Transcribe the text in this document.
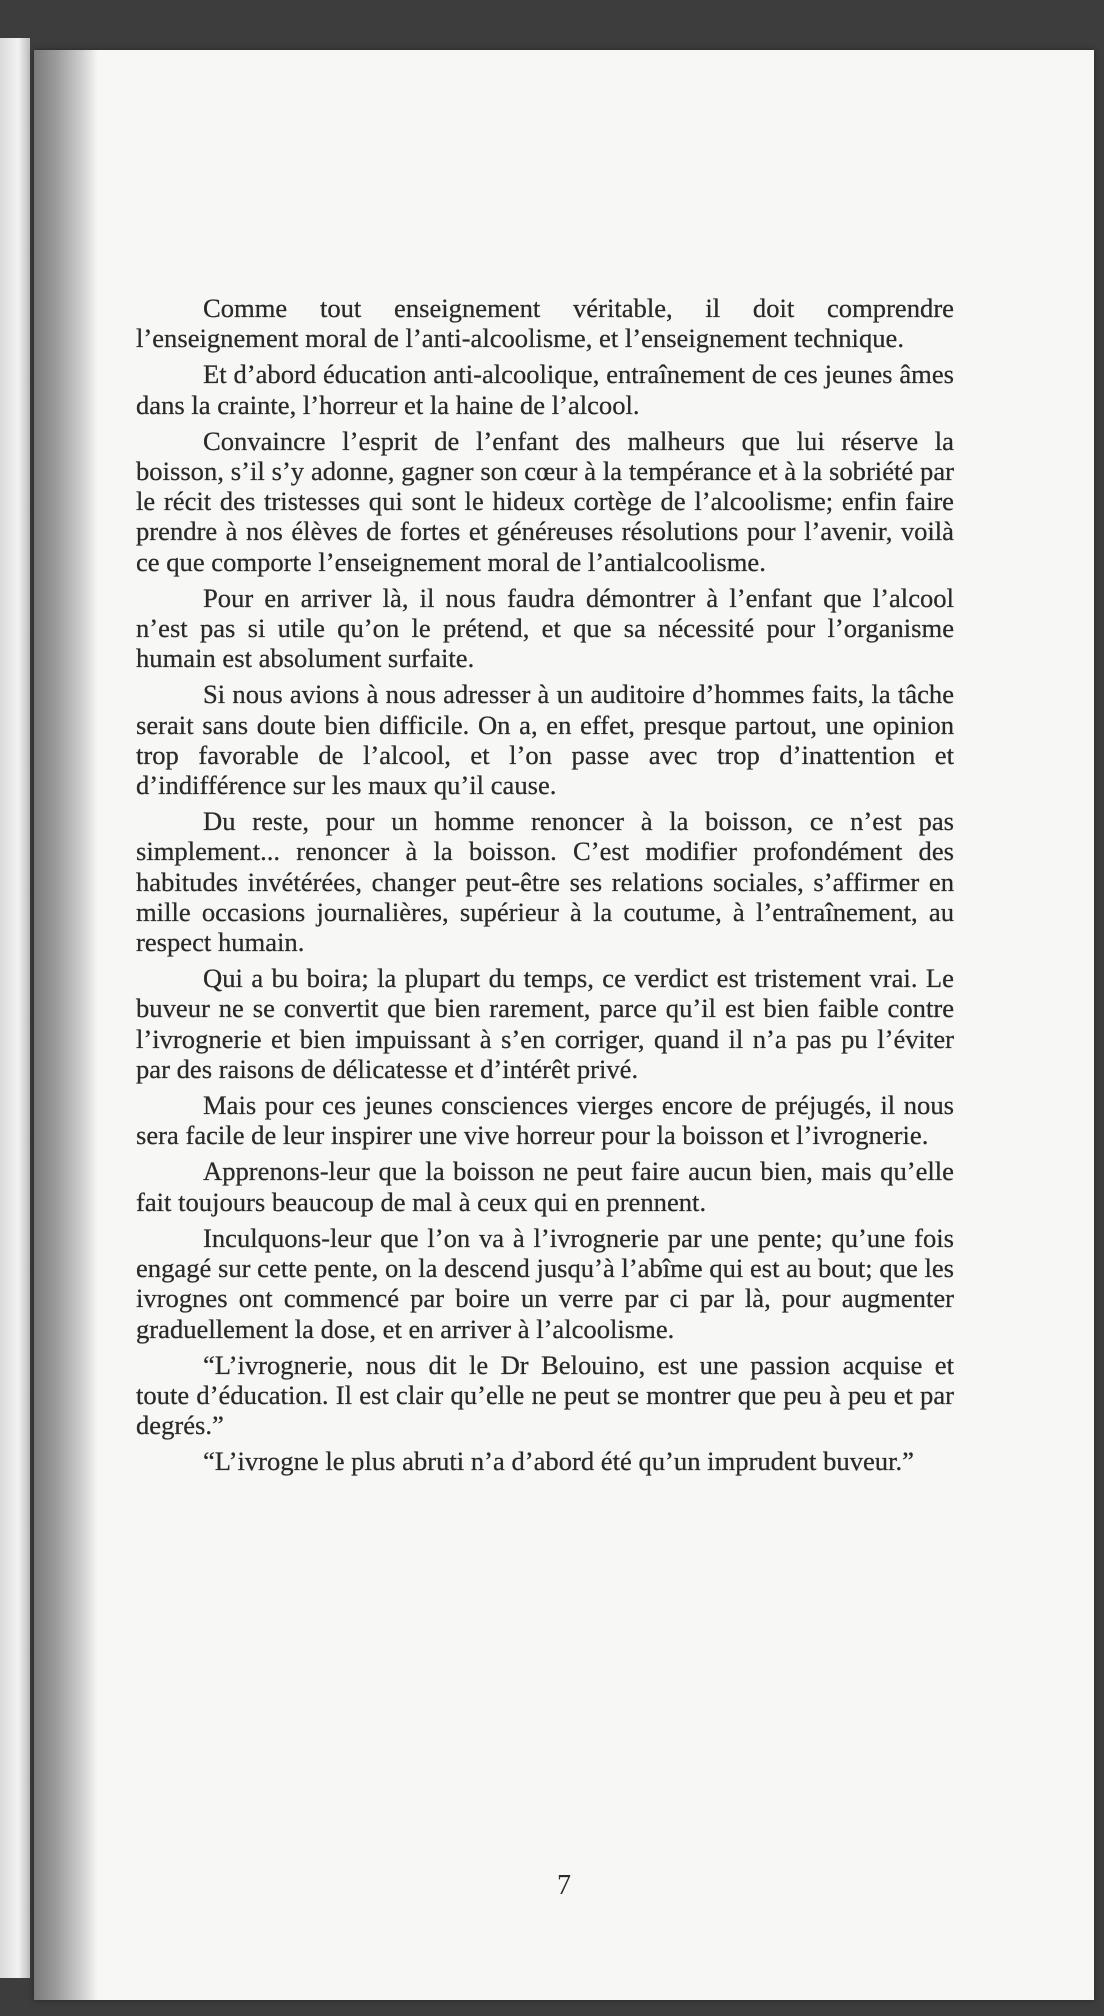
Comme tout enseignement véritable, il doit comprendre l’enseignement moral de l’anti-alcoolisme, et l’enseignement technique.

Et d’abord éducation anti-alcoolique, entraînement de ces jeunes âmes dans la crainte, l’horreur et la haine de l’alcool.

Convaincre l’esprit de l’enfant des malheurs que lui réserve la boisson, s’il s’y adonne, gagner son cœur à la tempérance et à la sobriété par le récit des tristesses qui sont le hideux cortège de l’alcoolisme; enfin faire prendre à nos élèves de fortes et généreuses résolutions pour l’avenir, voilà ce que comporte l’enseignement moral de l’antialcoolisme.

Pour en arriver là, il nous faudra démontrer à l’enfant que l’alcool n’est pas si utile qu’on le prétend, et que sa nécessité pour l’organisme humain est absolument surfaite.

Si nous avions à nous adresser à un auditoire d’hommes faits, la tâche serait sans doute bien difficile. On a, en effet, presque partout, une opinion trop favorable de l’alcool, et l’on passe avec trop d’inattention et d’indifférence sur les maux qu’il cause.

Du reste, pour un homme renoncer à la boisson, ce n’est pas simplement... renoncer à la boisson. C’est modifier profondément des habitudes invétérées, changer peut-être ses relations sociales, s’affirmer en mille occasions journalières, supérieur à la coutume, à l’entraînement, au respect humain.

Qui a bu boira; la plupart du temps, ce verdict est tristement vrai. Le buveur ne se convertit que bien rarement, parce qu’il est bien faible contre l’ivrognerie et bien impuissant à s’en corriger, quand il n’a pas pu l’éviter par des raisons de délicatesse et d’intérêt privé.

Mais pour ces jeunes consciences vierges encore de préjugés, il nous sera facile de leur inspirer une vive horreur pour la boisson et l’ivrognerie.

Apprenons-leur que la boisson ne peut faire aucun bien, mais qu’elle fait toujours beaucoup de mal à ceux qui en prennent.

Inculquons-leur que l’on va à l’ivrognerie par une pente; qu’une fois engagé sur cette pente, on la descend jusqu’à l’abîme qui est au bout; que les ivrognes ont commencé par boire un verre par ci par là, pour augmenter graduellement la dose, et en arriver à l’alcoolisme.

“L’ivrognerie, nous dit le Dr Belouino, est une passion acquise et toute d’éducation. Il est clair qu’elle ne peut se montrer que peu à peu et par degrés.”

“L’ivrogne le plus abruti n’a d’abord été qu’un imprudent buveur.”

7
